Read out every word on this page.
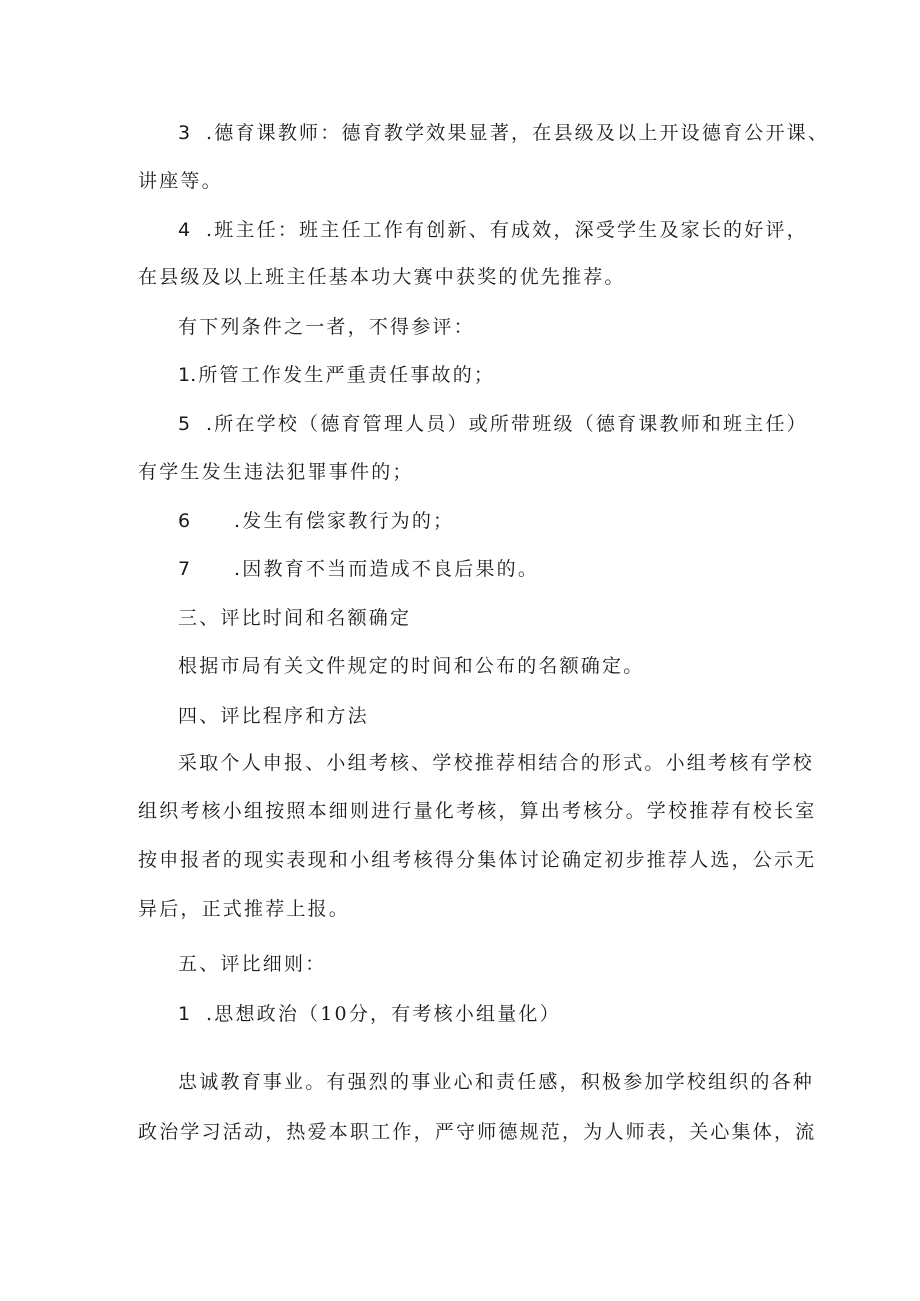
3 .德育课教师：德育教学效果显著，在县级及以上开设德育公开课、
讲座等。
4 .班主任：班主任工作有创新、有成效，深受学生及家长的好评，
在县级及以上班主任基本功大赛中获奖的优先推荐。
有下列条件之一者，不得参评：
1.所管工作发生严重责任事故的；
5 .所在学校（德育管理人员）或所带班级（德育课教师和班主任）
有学生发生违法犯罪事件的；
6 .发生有偿家教行为的；
7 .因教育不当而造成不良后果的。
三、评比时间和名额确定
根据市局有关文件规定的时间和公布的名额确定。
四、评比程序和方法
采取个人申报、小组考核、学校推荐相结合的形式。小组考核有学校
组织考核小组按照本细则进行量化考核，算出考核分。学校推荐有校长室
按申报者的现实表现和小组考核得分集体讨论确定初步推荐人选，公示无
异后，正式推荐上报。
五、评比细则：
1 .思想政治（10分，有考核小组量化）
忠诚教育事业。有强烈的事业心和责任感，积极参加学校组织的各种
政治学习活动，热爱本职工作，严守师德规范，为人师表，关心集体，流
